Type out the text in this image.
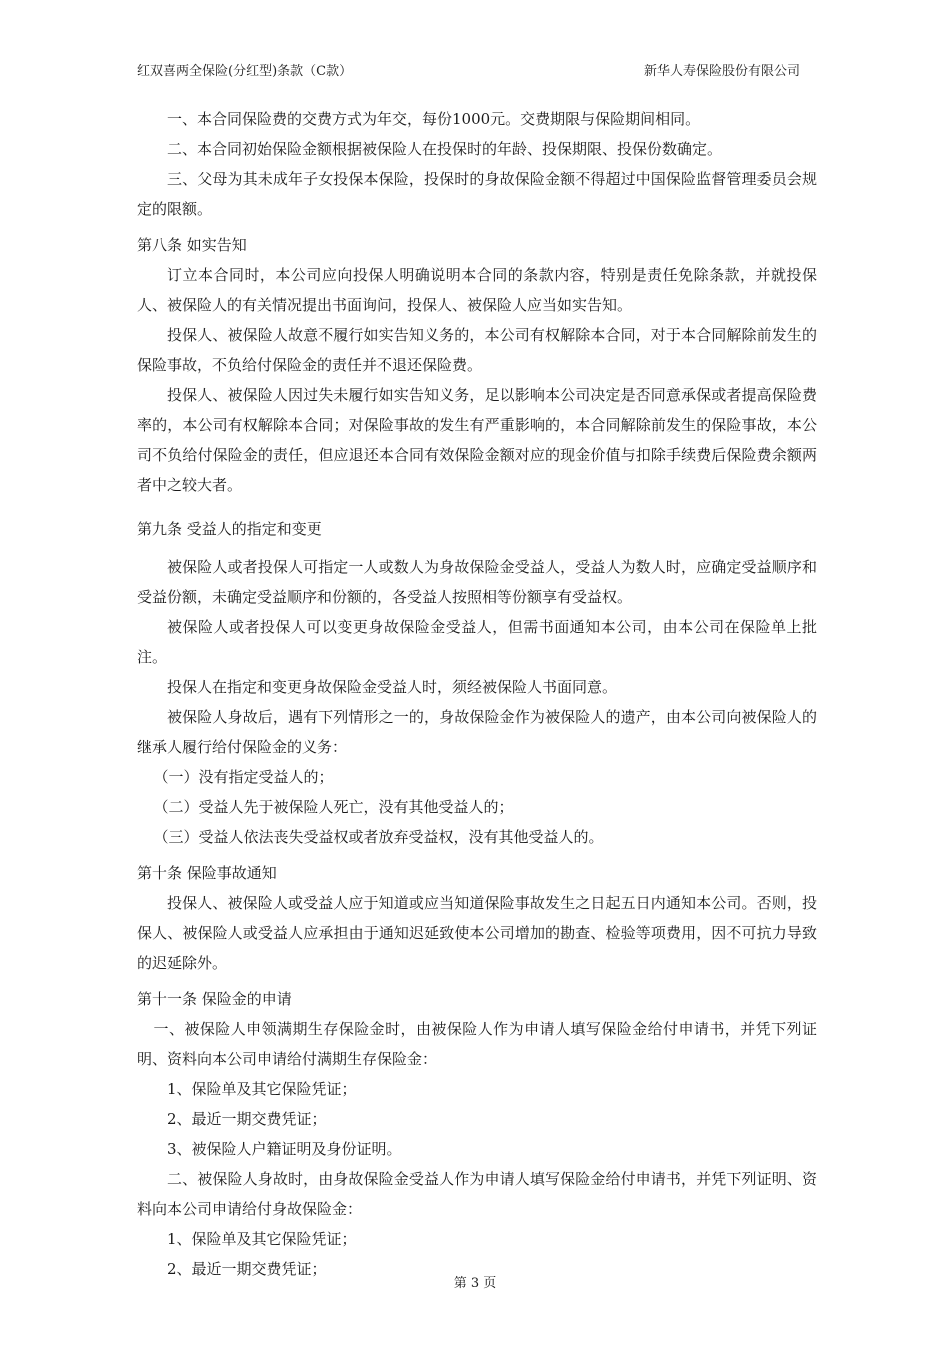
红双喜两全保险(分红型)条款（C款）	新华人寿保险股份有限公司

一、本合同保险费的交费方式为年交，每份1000元。交费期限与保险期间相同。

二、本合同初始保险金额根据被保险人在投保时的年龄、投保期限、投保份数确定。

三、父母为其未成年子女投保本保险，投保时的身故保险金额不得超过中国保险监督管理委员会规定的限额。

第八条 如实告知

订立本合同时，本公司应向投保人明确说明本合同的条款内容，特别是责任免除条款，并就投保人、被保险人的有关情况提出书面询问，投保人、被保险人应当如实告知。

投保人、被保险人故意不履行如实告知义务的，本公司有权解除本合同，对于本合同解除前发生的保险事故，不负给付保险金的责任并不退还保险费。

投保人、被保险人因过失未履行如实告知义务，足以影响本公司决定是否同意承保或者提高保险费率的，本公司有权解除本合同；对保险事故的发生有严重影响的，本合同解除前发生的保险事故，本公司不负给付保险金的责任，但应退还本合同有效保险金额对应的现金价值与扣除手续费后保险费余额两者中之较大者。

第九条 受益人的指定和变更

被保险人或者投保人可指定一人或数人为身故保险金受益人，受益人为数人时，应确定受益顺序和受益份额，未确定受益顺序和份额的，各受益人按照相等份额享有受益权。

被保险人或者投保人可以变更身故保险金受益人，但需书面通知本公司，由本公司在保险单上批注。

投保人在指定和变更身故保险金受益人时，须经被保险人书面同意。

被保险人身故后，遇有下列情形之一的，身故保险金作为被保险人的遗产，由本公司向被保险人的继承人履行给付保险金的义务：

（一）没有指定受益人的；

（二）受益人先于被保险人死亡，没有其他受益人的；

（三）受益人依法丧失受益权或者放弃受益权，没有其他受益人的。

第十条 保险事故通知

投保人、被保险人或受益人应于知道或应当知道保险事故发生之日起五日内通知本公司。否则，投保人、被保险人或受益人应承担由于通知迟延致使本公司增加的勘查、检验等项费用，因不可抗力导致的迟延除外。

第十一条 保险金的申请

一、被保险人申领满期生存保险金时，由被保险人作为申请人填写保险金给付申请书，并凭下列证明、资料向本公司申请给付满期生存保险金：

1、保险单及其它保险凭证；

2、最近一期交费凭证；

3、被保险人户籍证明及身份证明。

二、被保险人身故时，由身故保险金受益人作为申请人填写保险金给付申请书，并凭下列证明、资料向本公司申请给付身故保险金：

1、保险单及其它保险凭证；

2、最近一期交费凭证；

第 3 页
